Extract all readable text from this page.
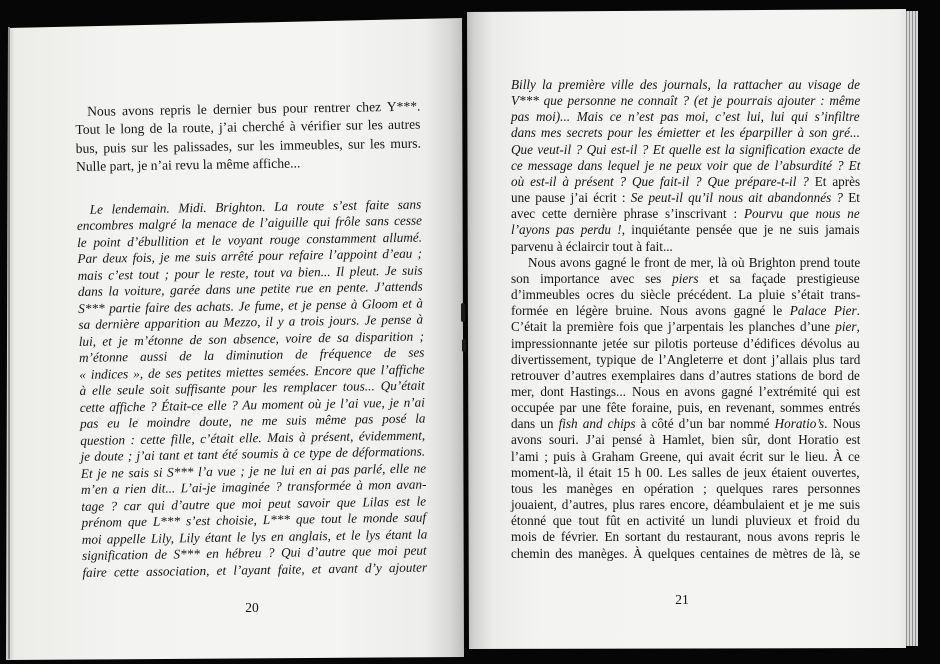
Nous avons repris le dernier bus pour rentrer chez Y***.
Tout le long de la route, j’ai cherché à vérifier sur les autres
bus, puis sur les palissades, sur les immeubles, sur les murs.
Nulle part, je n’ai revu la même affiche...
Le lendemain. Midi. Brighton. La route s’est faite sans
encombres malgré la menace de l’aiguille qui frôle sans cesse
le point d’ébullition et le voyant rouge constamment allumé.
Par deux fois, je me suis arrêté pour refaire l’appoint d’eau ;
mais c’est tout ; pour le reste, tout va bien... Il pleut. Je suis
dans la voiture, garée dans une petite rue en pente. J’attends
S*** partie faire des achats. Je fume, et je pense à Gloom et à
sa dernière apparition au Mezzo, il y a trois jours. Je pense à
lui, et je m’étonne de son absence, voire de sa disparition ;
m’étonne aussi de la diminution de fréquence de ses
« indices », de ses petites miettes semées. Encore que l’affiche
à elle seule soit suffisante pour les remplacer tous... Qu’était
cette affiche ? Était-ce elle ? Au moment où je l’ai vue, je n’ai
pas eu le moindre doute, ne me suis même pas posé la
question : cette fille, c’était elle. Mais à présent, évidemment,
je doute ; j’ai tant et tant été soumis à ce type de déformations.
Et je ne sais si S*** l’a vue ; je ne lui en ai pas parlé, elle ne
m’en a rien dit... L’ai-je imaginée ? transformée à mon avan-
tage ? car qui d’autre que moi peut savoir que Lilas est le
prénom que L*** s’est choisie, L*** que tout le monde sauf
moi appelle Lily, Lily étant le lys en anglais, et le lys étant la
signification de S*** en hébreu ? Qui d’autre que moi peut
faire cette association, et l’ayant faite, et avant d’y ajouter
Billy la première ville des journals, la rattacher au visage de
V*** que personne ne connaît ? (et je pourrais ajouter : même
pas moi)... Mais ce n’est pas moi, c’est lui, lui qui s’infiltre
dans mes secrets pour les émietter et les éparpiller à son gré...
Que veut-il ? Qui est-il ? Et quelle est la signification exacte de
ce message dans lequel je ne peux voir que de l’absurdité ? Et
où est-il à présent ? Que fait-il ? Que prépare-t-il ? Et après
une pause j’ai écrit : Se peut-il qu’il nous ait abandonnés ? Et
avec cette dernière phrase s’inscrivant : Pourvu que nous ne
l’ayons pas perdu !, inquiétante pensée que je ne suis jamais
parvenu à éclaircir tout à fait...
Nous avons gagné le front de mer, là où Brighton prend toute
son importance avec ses piers et sa façade prestigieuse
d’immeubles ocres du siècle précédent. La pluie s’était trans-
formée en légère bruine. Nous avons gagné le Palace Pier.
C’était la première fois que j’arpentais les planches d’une pier,
impressionnante jetée sur pilotis porteuse d’édifices dévolus au
divertissement, typique de l’Angleterre et dont j’allais plus tard
retrouver d’autres exemplaires dans d’autres stations de bord de
mer, dont Hastings... Nous en avons gagné l’extrémité qui est
occupée par une fête foraine, puis, en revenant, sommes entrés
dans un fish and chips à côté d’un bar nommé Horatio’s. Nous
avons souri. J’ai pensé à Hamlet, bien sûr, dont Horatio est
l’ami ; puis à Graham Greene, qui avait écrit sur le lieu. À ce
moment-là, il était 15 h 00. Les salles de jeux étaient ouvertes,
tous les manèges en opération ; quelques rares personnes
jouaient, d’autres, plus rares encore, déambulaient et je me suis
étonné que tout fût en activité un lundi pluvieux et froid du
mois de février. En sortant du restaurant, nous avons repris le
chemin des manèges. À quelques centaines de mètres de là, se
20
21
